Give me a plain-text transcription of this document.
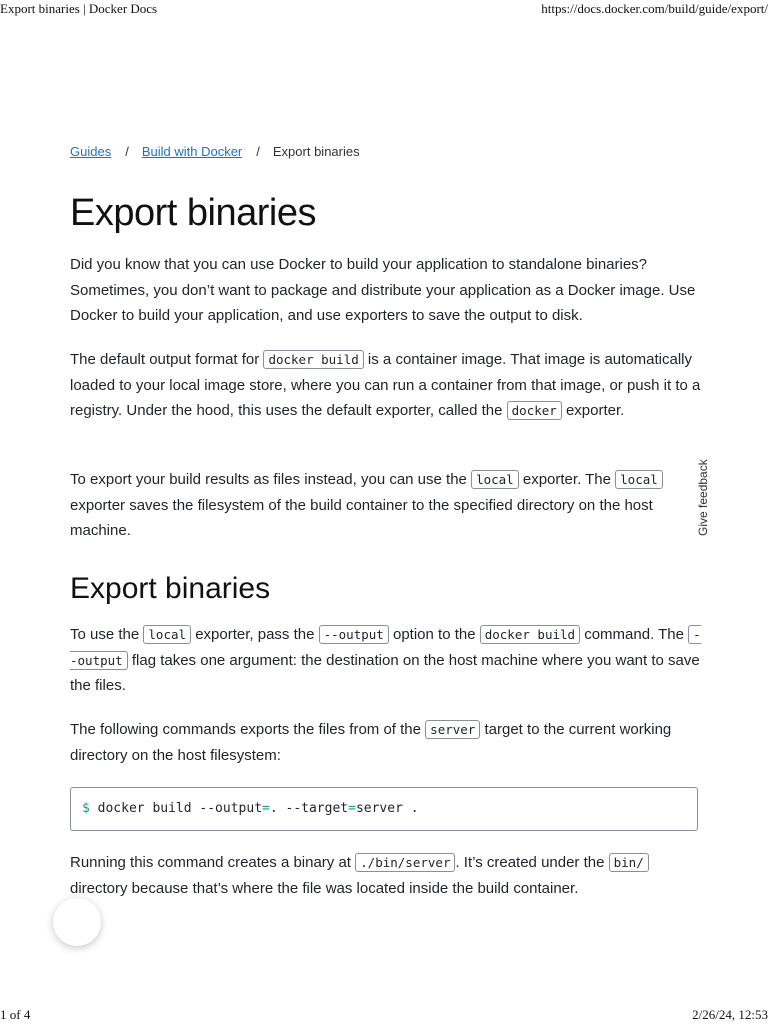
Export binaries | Docker Docs	https://docs.docker.com/build/guide/export/
Guides / Build with Docker / Export binaries
Export binaries

Did you know that you can use Docker to build your application to standalone binaries? Sometimes, you don’t want to package and distribute your application as a Docker image. Use Docker to build your application, and use exporters to save the output to disk.

The default output format for docker build is a container image. That image is automatically loaded to your local image store, where you can run a container from that image, or push it to a registry. Under the hood, this uses the default exporter, called the docker exporter.

To export your build results as files instead, you can use the local exporter. The local exporter saves the filesystem of the build container to the specified directory on the host machine.

Export binaries

To use the local exporter, pass the --output option to the docker build command. The --output flag takes one argument: the destination on the host machine where you want to save the files.

The following commands exports the files from of the server target to the current working directory on the host filesystem:

$ docker build --output=. --target=server .

Running this command creates a binary at ./bin/server . It’s created under the bin/ directory because that’s where the file was located inside the build container.

Give feedback
1 of 4	2/26/24, 12:53
